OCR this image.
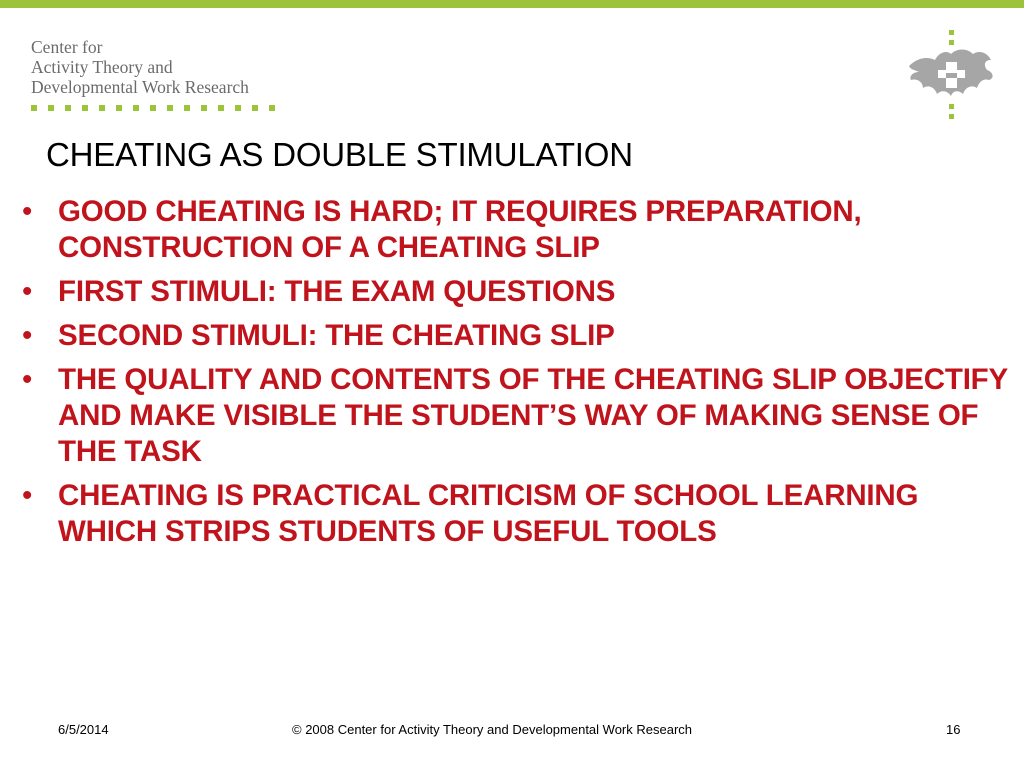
Center for
Activity Theory and
Developmental Work Research
CHEATING AS DOUBLE STIMULATION
• GOOD CHEATING IS HARD; IT REQUIRES PREPARATION, CONSTRUCTION OF A CHEATING SLIP
• FIRST STIMULI: THE EXAM QUESTIONS
• SECOND STIMULI: THE CHEATING SLIP
• THE QUALITY AND CONTENTS OF THE CHEATING SLIP OBJECTIFY AND MAKE VISIBLE THE STUDENT’S WAY OF MAKING SENSE OF THE TASK
• CHEATING IS PRACTICAL CRITICISM OF SCHOOL LEARNING WHICH STRIPS STUDENTS OF USEFUL TOOLS
6/5/2014	© 2008 Center for Activity Theory and Developmental Work Research	16
